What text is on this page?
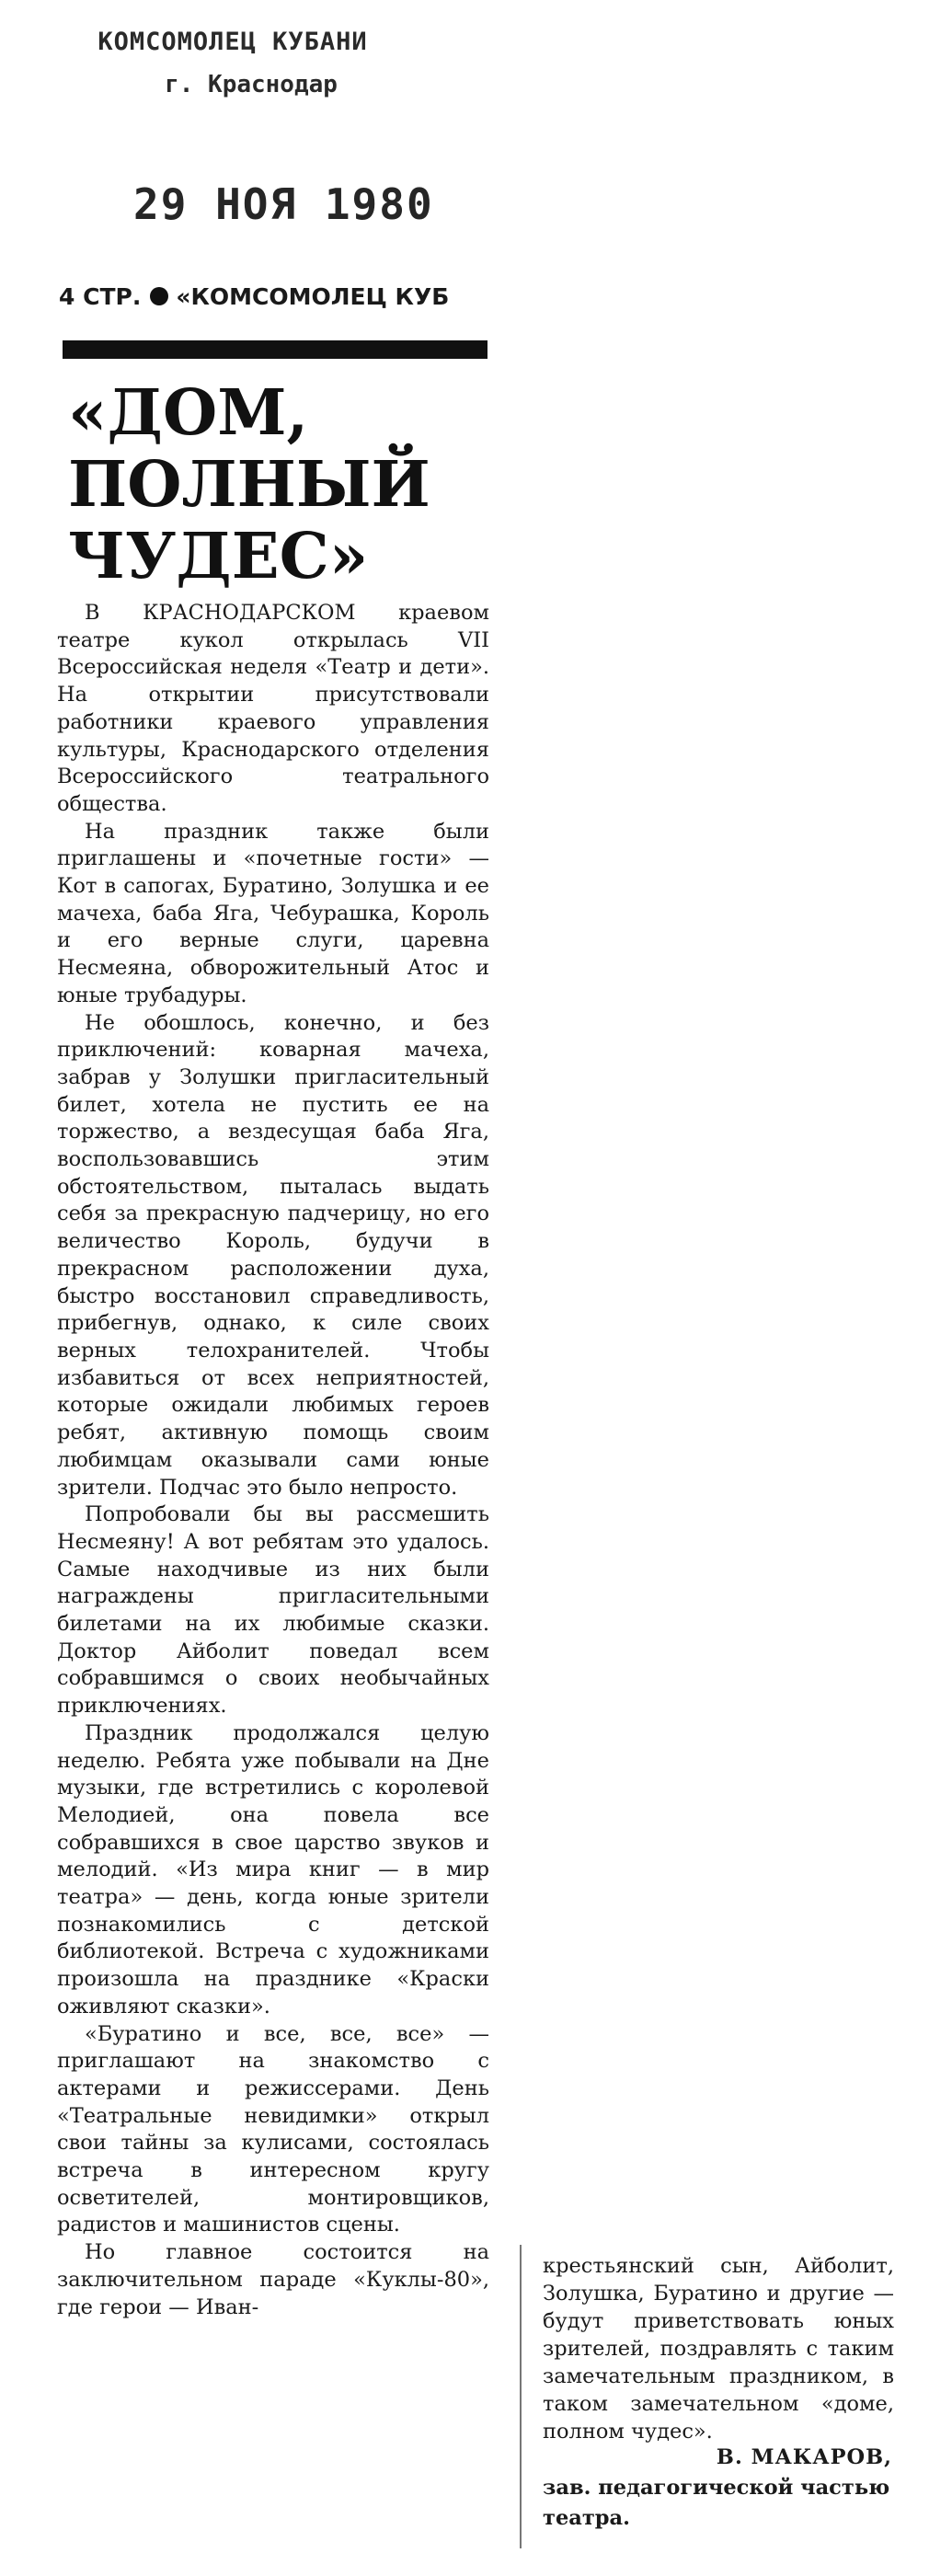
КОМСОМОЛЕЦ КУБАНИ
г. Краснодар
29 НОЯ 1980
4 СТР. «КОМСОМОЛЕЦ КУБ
«ДОМ,
ПОЛНЫЙ
ЧУДЕС»

В КРАСНОДАРСКОМ краевом театре кукол открылась VII Всероссийская неделя «Театр и дети». На открытии присутствовали работники краевого управления культуры, Краснодарского отделения Всероссийского театрального общества.

На праздник также были приглашены и «почетные гости» — Кот в сапогах, Буратино, Золушка и ее мачеха, баба Яга, Чебурашка, Король и его верные слуги, царевна Несмеяна, обворожительный Атос и юные трубадуры.

Не обошлось, конечно, и без приключений: коварная мачеха, забрав у Золушки пригласительный билет, хотела не пустить ее на торжество, а вездесущая баба Яга, воспользовавшись этим обстоятельством, пыталась выдать себя за прекрасную падчерицу, но его величество Король, будучи в прекрасном расположении духа, быстро восстановил справедливость, прибегнув, однако, к силе своих верных телохранителей. Чтобы избавиться от всех неприятностей, которые ожидали любимых героев ребят, активную помощь своим любимцам оказывали сами юные зрители. Подчас это было непросто.

Попробовали бы вы рассмешить Несмеяну! А вот ребятам это удалось. Самые находчивые из них были награждены пригласительными билетами на их любимые сказки. Доктор Айболит поведал всем собравшимся о своих необычайных приключениях.

Праздник продолжался целую неделю. Ребята уже побывали на Дне музыки, где встретились с королевой Мелодией, она повела все собравшихся в свое царство звуков и мелодий. «Из мира книг — в мир театра» — день, когда юные зрители познакомились с детской библиотекой. Встреча с художниками произошла на празднике «Краски оживляют сказки».

«Буратино и все, все, все» — приглашают на знакомство с актерами и режиссерами. День «Театральные невидимки» открыл свои тайны за кулисами, состоялась встреча в интересном кругу осветителей, монтировщиков, радистов и машинистов сцены.

Но главное состоится на заключительном параде «Куклы-80», где герои — Иван-

крестьянский сын, Айболит, Золушка, Буратино и другие — будут приветствовать юных зрителей, поздравлять с таким замечательным праздником, в таком замечательном «доме, полном чудес».

В. МАКАРОВ,
зав. педагогической частью театра.
